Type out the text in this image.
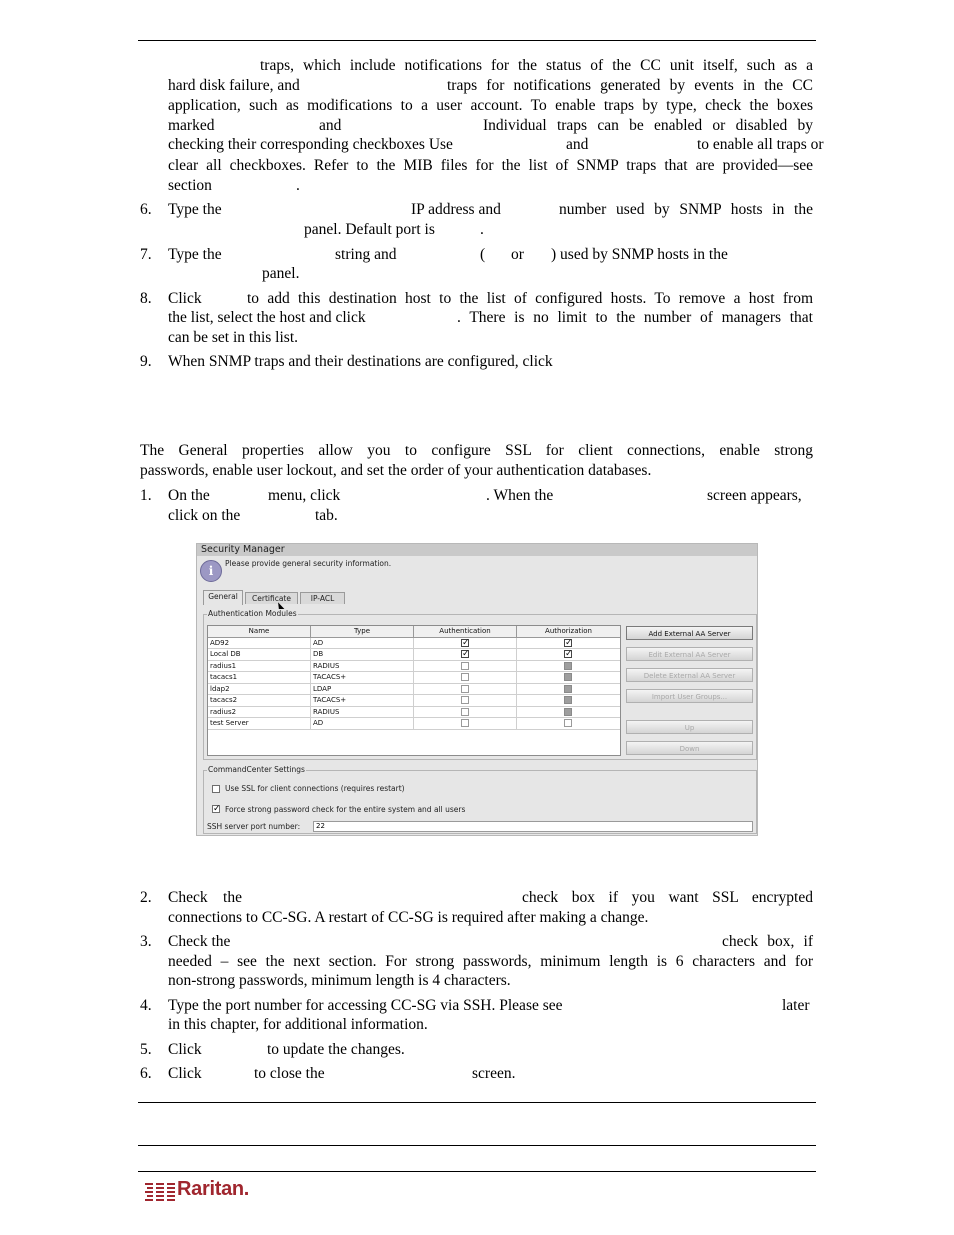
traps, which include notifications for the status of the CC unit itself, such as a
hard disk failure, and	traps for notifications generated by events in the CC
application, such as modifications to a user account. To enable traps by type, check the boxes
marked	and	Individual traps can be enabled or disabled by
checking their corresponding checkboxes Use	and	to enable all traps or
clear all checkboxes. Refer to the MIB files for the list of SNMP traps that are provided—see
section	.
6. Type the	IP address and	number used by SNMP hosts in the
panel. Default port is	.
7. Type the	string and	( or ) used by SNMP hosts in the
panel.
8. Click	to add this destination host to the list of configured hosts. To remove a host from
the list, select the host and click	. There is no limit to the number of managers that
can be set in this list.
9. When SNMP traps and their destinations are configured, click
The General properties allow you to configure SSL for client connections, enable strong
passwords, enable user lockout, and set the order of your authentication databases.
1. On the	menu, click	. When the	screen appears,
click on the	tab.
Security Manager
i
Please provide general security information.
General	Certificate	IP-ACL
Authentication Modules
Name	Type	Authentication	Authorization
AD92	AD	✓	✓
Local DB	DB	✓	✓
radius1	RADIUS
tacacs1	TACACS+
ldap2	LDAP
tacacs2	TACACS+
radius2	RADIUS
test Server	AD
Add External AA Server
Edit External AA Server
Delete External AA Server
Import User Groups...
Up
Down
CommandCenter Settings
Use SSL for client connections (requires restart)
✓ Force strong password check for the entire system and all users
SSH server port number:	22
2. Check the	check box if you want SSL encrypted
connections to CC-SG. A restart of CC-SG is required after making a change.
3. Check the	check box, if
needed – see the next section. For strong passwords, minimum length is 6 characters and for
non-strong passwords, minimum length is 4 characters.
4. Type the port number for accessing CC-SG via SSH. Please see	later
in this chapter, for additional information.
5. Click	to update the changes.
6. Click	to close the	screen.
Raritan.
